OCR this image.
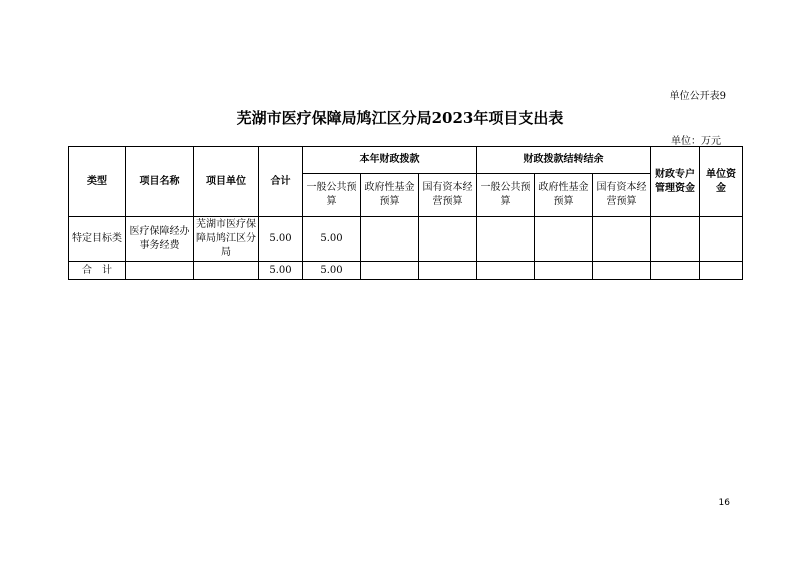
单位公开表9
芜湖市医疗保障局鸠江区分局2023年项目支出表
单位：万元
类型	项目名称	项目单位	合计	本年财政拨款			财政拨款结转结余			财政专户管理资金	单位资金
				一般公共预算	政府性基金预算	国有资本经营预算	一般公共预算	政府性基金预算	国有资本经营预算		
特定目标类	医疗保障经办事务经费	芜湖市医疗保障局鸠江区分局	5.00	5.00							
合　计			5.00	5.00							
16
